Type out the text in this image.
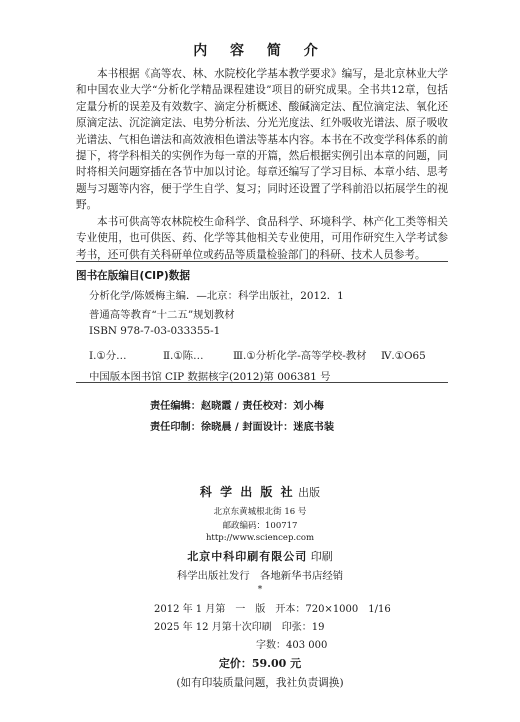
内 容 简 介

本书根据《高等农、林、水院校化学基本教学要求》编写，是北京林业大学和中国农业大学“分析化学精品课程建设”项目的研究成果。全书共12章，包括定量分析的误差及有效数字、滴定分析概述、酸碱滴定法、配位滴定法、氧化还原滴定法、沉淀滴定法、电势分析法、分光光度法、红外吸收光谱法、原子吸收光谱法、气相色谱法和高效液相色谱法等基本内容。本书在不改变学科体系的前提下，将学科相关的实例作为每一章的开篇，然后根据实例引出本章的问题，同时将相关问题穿插在各节中加以讨论。每章还编写了学习目标、本章小结、思考题与习题等内容，便于学生自学、复习；同时还设置了学科前沿以拓展学生的视野。

本书可供高等农林院校生命科学、食品科学、环境科学、林产化工类等相关专业使用，也可供医、药、化学等其他相关专业使用，可用作研究生入学考试参考书，还可供有关科研单位或药品等质量检验部门的科研、技术人员参考。

图书在版编目(CIP)数据
分析化学/陈媛梅主编．—北京：科学出版社，2012．1
普通高等教育“十二五”规划教材
ISBN 978-7-03-033355-1
Ⅰ.①分…	Ⅱ.①陈…	Ⅲ.①分析化学-高等学校-教材 Ⅳ.①O65
中国版本图书馆 CIP 数据核字(2012)第 006381 号
责任编辑：赵晓霞 / 责任校对：刘小梅
责任印制：徐晓晨 / 封面设计：迷底书装
科 学 出 版 社 出版
北京东黄城根北街 16 号
邮政编码：100717
http://www.sciencep.com
北京中科印刷有限公司 印刷
科学出版社发行　各地新华书店经销
*
2012 年 1 月第　一　版　开本：720×1000　1/16
2025 年 12 月第十次印刷　印张：19
字数：403 000
定价：59.00 元
(如有印装质量问题，我社负责调换)
